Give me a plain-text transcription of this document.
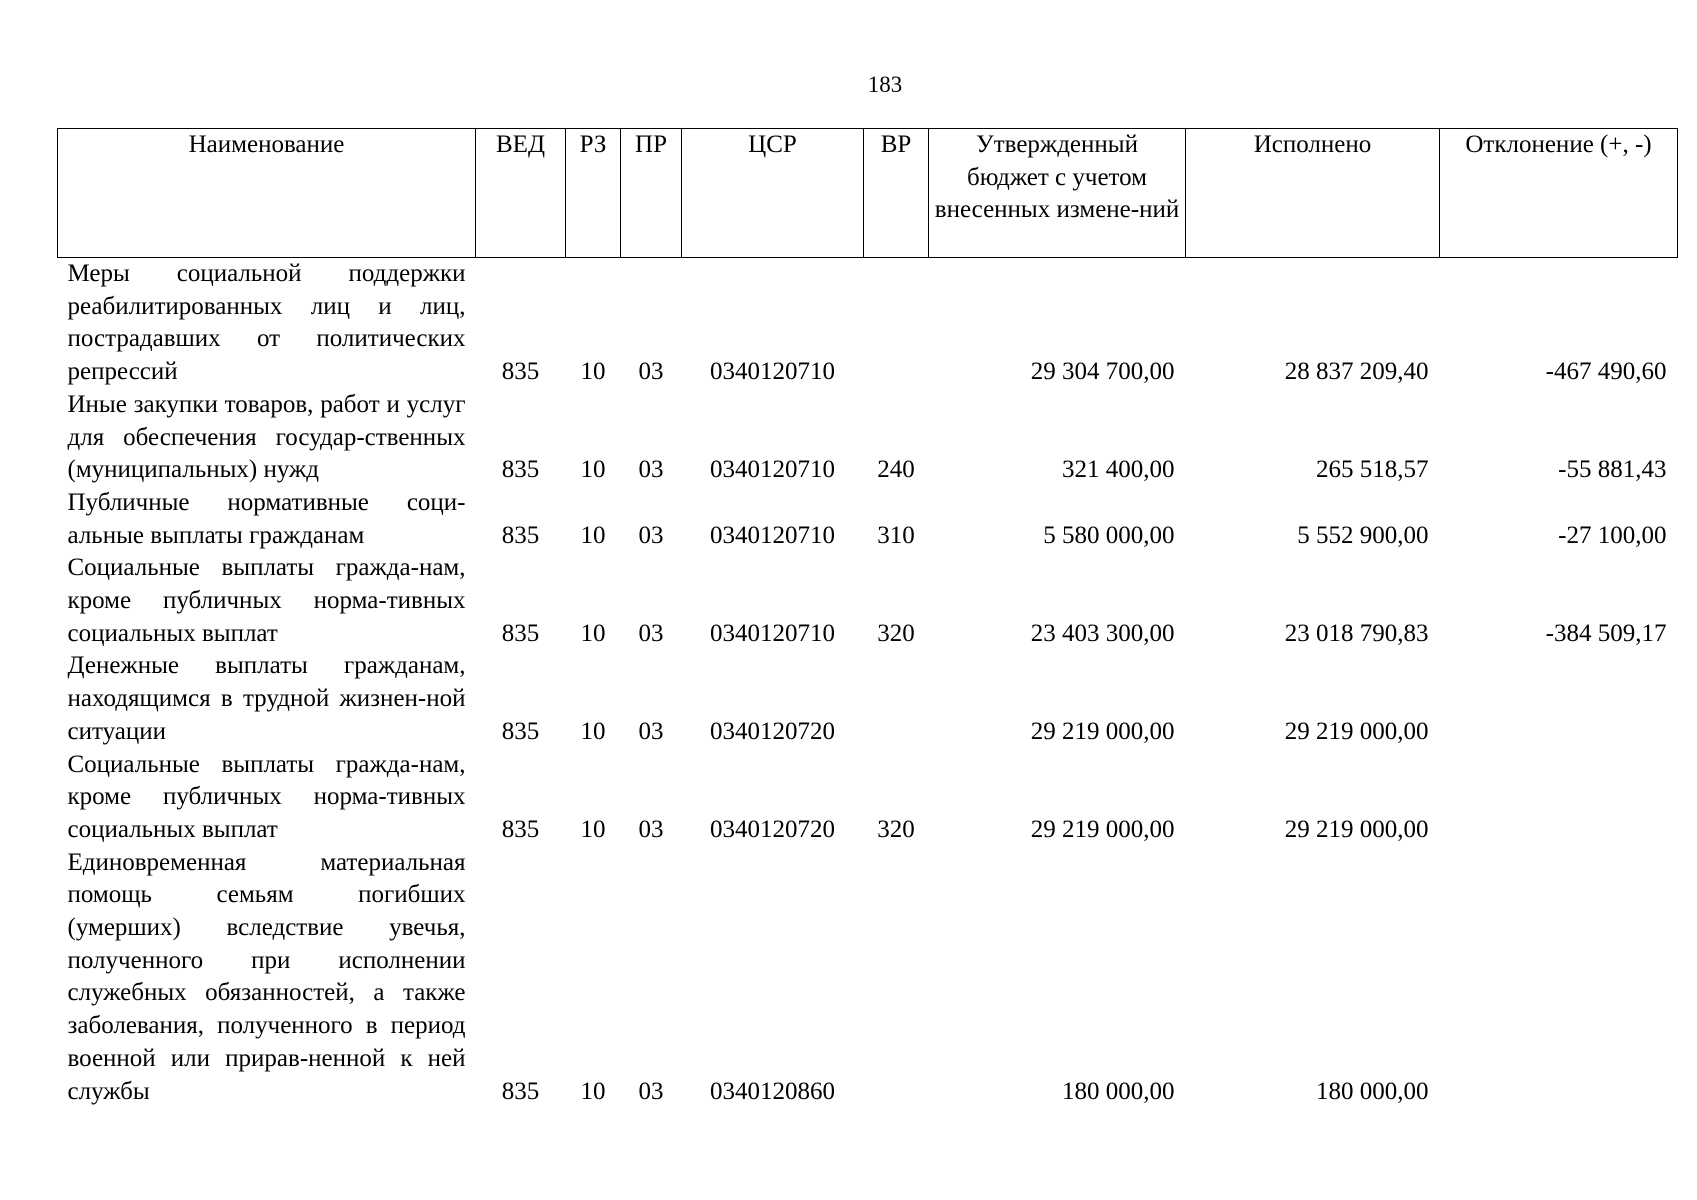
183
Наименование	ВЕД	РЗ	ПР	ЦСР	ВР	Утвержденный бюджет с учетом внесенных измене-ний	Исполнено	Отклонение (+, -)
Меры социальной поддержки реабилитированных лиц и лиц, пострадавших от политических репрессий	835	10	03	0340120710		29 304 700,00	28 837 209,40	-467 490,60
Иные закупки товаров, работ и услуг для обеспечения государ-ственных (муниципальных) нужд	835	10	03	0340120710	240	321 400,00	265 518,57	-55 881,43
Публичные нормативные соци-альные выплаты гражданам	835	10	03	0340120710	310	5 580 000,00	5 552 900,00	-27 100,00
Социальные выплаты гражда-нам, кроме публичных норма-тивных социальных выплат	835	10	03	0340120710	320	23 403 300,00	23 018 790,83	-384 509,17
Денежные выплаты гражданам, находящимся в трудной жизнен-ной ситуации	835	10	03	0340120720		29 219 000,00	29 219 000,00	
Социальные выплаты гражда-нам, кроме публичных норма-тивных социальных выплат	835	10	03	0340120720	320	29 219 000,00	29 219 000,00	
Единовременная материальная помощь семьям погибших (умерших) вследствие увечья, полученного при исполнении служебных обязанностей, а также заболевания, полученного в период военной или прирав-ненной к ней службы	835	10	03	0340120860		180 000,00	180 000,00	
